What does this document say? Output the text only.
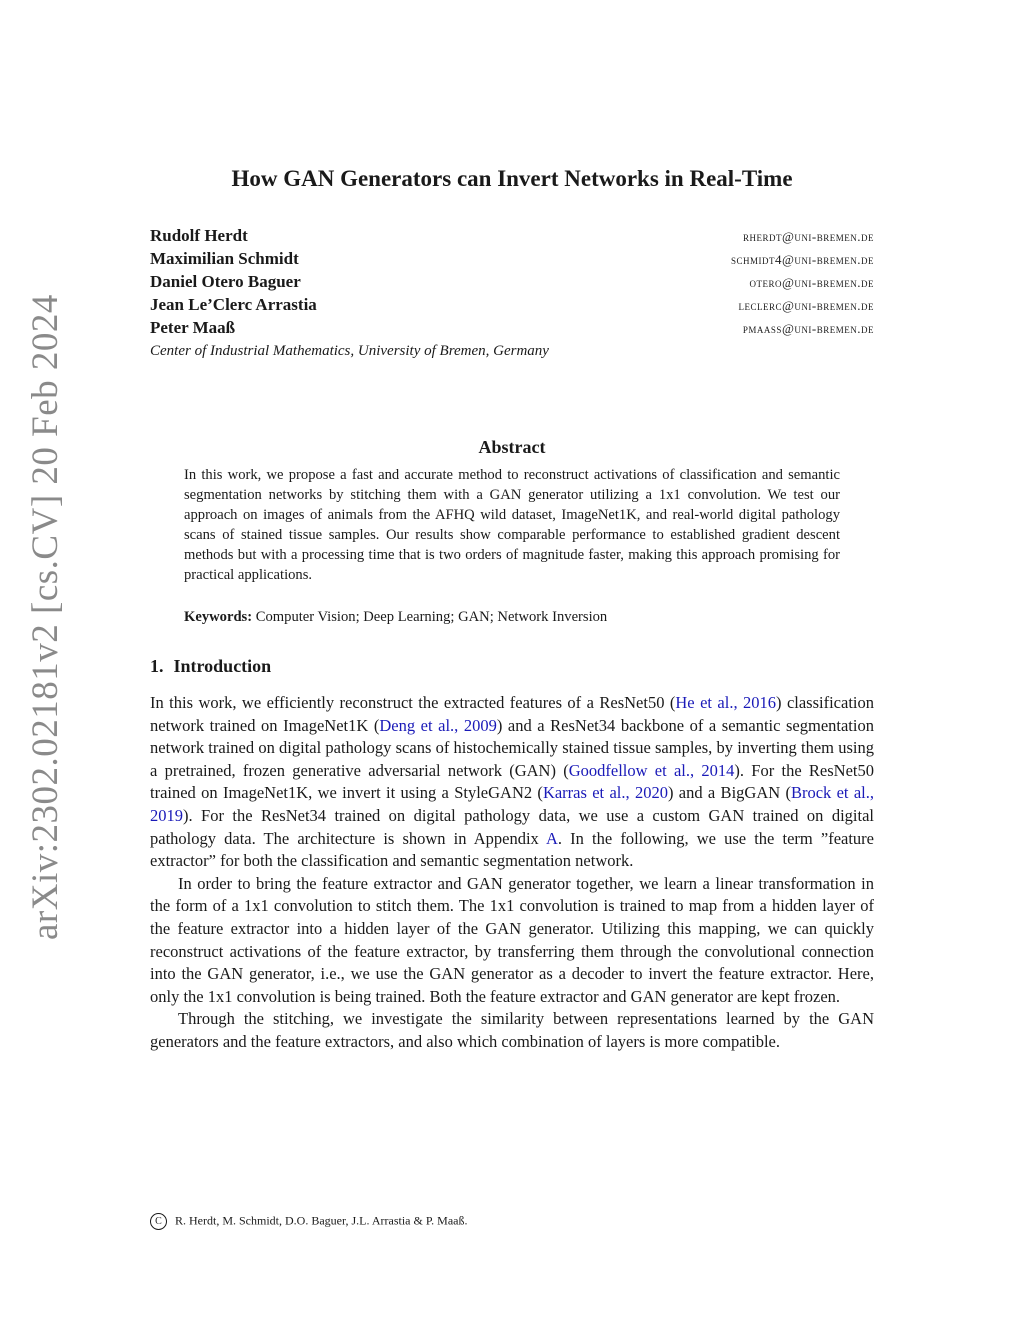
arXiv:2302.02181v2 [cs.CV] 20 Feb 2024
How GAN Generators can Invert Networks in Real-Time
Rudolf Herdt	rherdt@uni-bremen.de
Maximilian Schmidt	schmidt4@uni-bremen.de
Daniel Otero Baguer	otero@uni-bremen.de
Jean Le’Clerc Arrastia	leclerc@uni-bremen.de
Peter Maaß	pmaass@uni-bremen.de
Center of Industrial Mathematics, University of Bremen, Germany
Abstract
In this work, we propose a fast and accurate method to reconstruct activations of classification and semantic segmentation networks by stitching them with a GAN generator utilizing a 1x1 convolution. We test our approach on images of animals from the AFHQ wild dataset, ImageNet1K, and real-world digital pathology scans of stained tissue samples. Our results show comparable performance to established gradient descent methods but with a processing time that is two orders of magnitude faster, making this approach promising for practical applications.
Keywords: Computer Vision; Deep Learning; GAN; Network Inversion
1. Introduction

In this work, we efficiently reconstruct the extracted features of a ResNet50 (He et al., 2016) classification network trained on ImageNet1K (Deng et al., 2009) and a ResNet34 backbone of a semantic segmentation network trained on digital pathology scans of histochemically stained tissue samples, by inverting them using a pretrained, frozen generative adversarial network (GAN) (Goodfellow et al., 2014). For the ResNet50 trained on ImageNet1K, we invert it using a StyleGAN2 (Karras et al., 2020) and a BigGAN (Brock et al., 2019). For the ResNet34 trained on digital pathology data, we use a custom GAN trained on digital pathology data. The architecture is shown in Appendix A. In the following, we use the term ”feature extractor” for both the classification and semantic segmentation network.

In order to bring the feature extractor and GAN generator together, we learn a linear transformation in the form of a 1x1 convolution to stitch them. The 1x1 convolution is trained to map from a hidden layer of the feature extractor into a hidden layer of the GAN generator. Utilizing this mapping, we can quickly reconstruct activations of the feature extractor, by transferring them through the convolutional connection into the GAN generator, i.e., we use the GAN generator as a decoder to invert the feature extractor. Here, only the 1x1 convolution is being trained. Both the feature extractor and GAN generator are kept frozen.

Through the stitching, we investigate the similarity between representations learned by the GAN generators and the feature extractors, and also which combination of layers is more compatible.

C R. Herdt, M. Schmidt, D.O. Baguer, J.L. Arrastia & P. Maaß.
